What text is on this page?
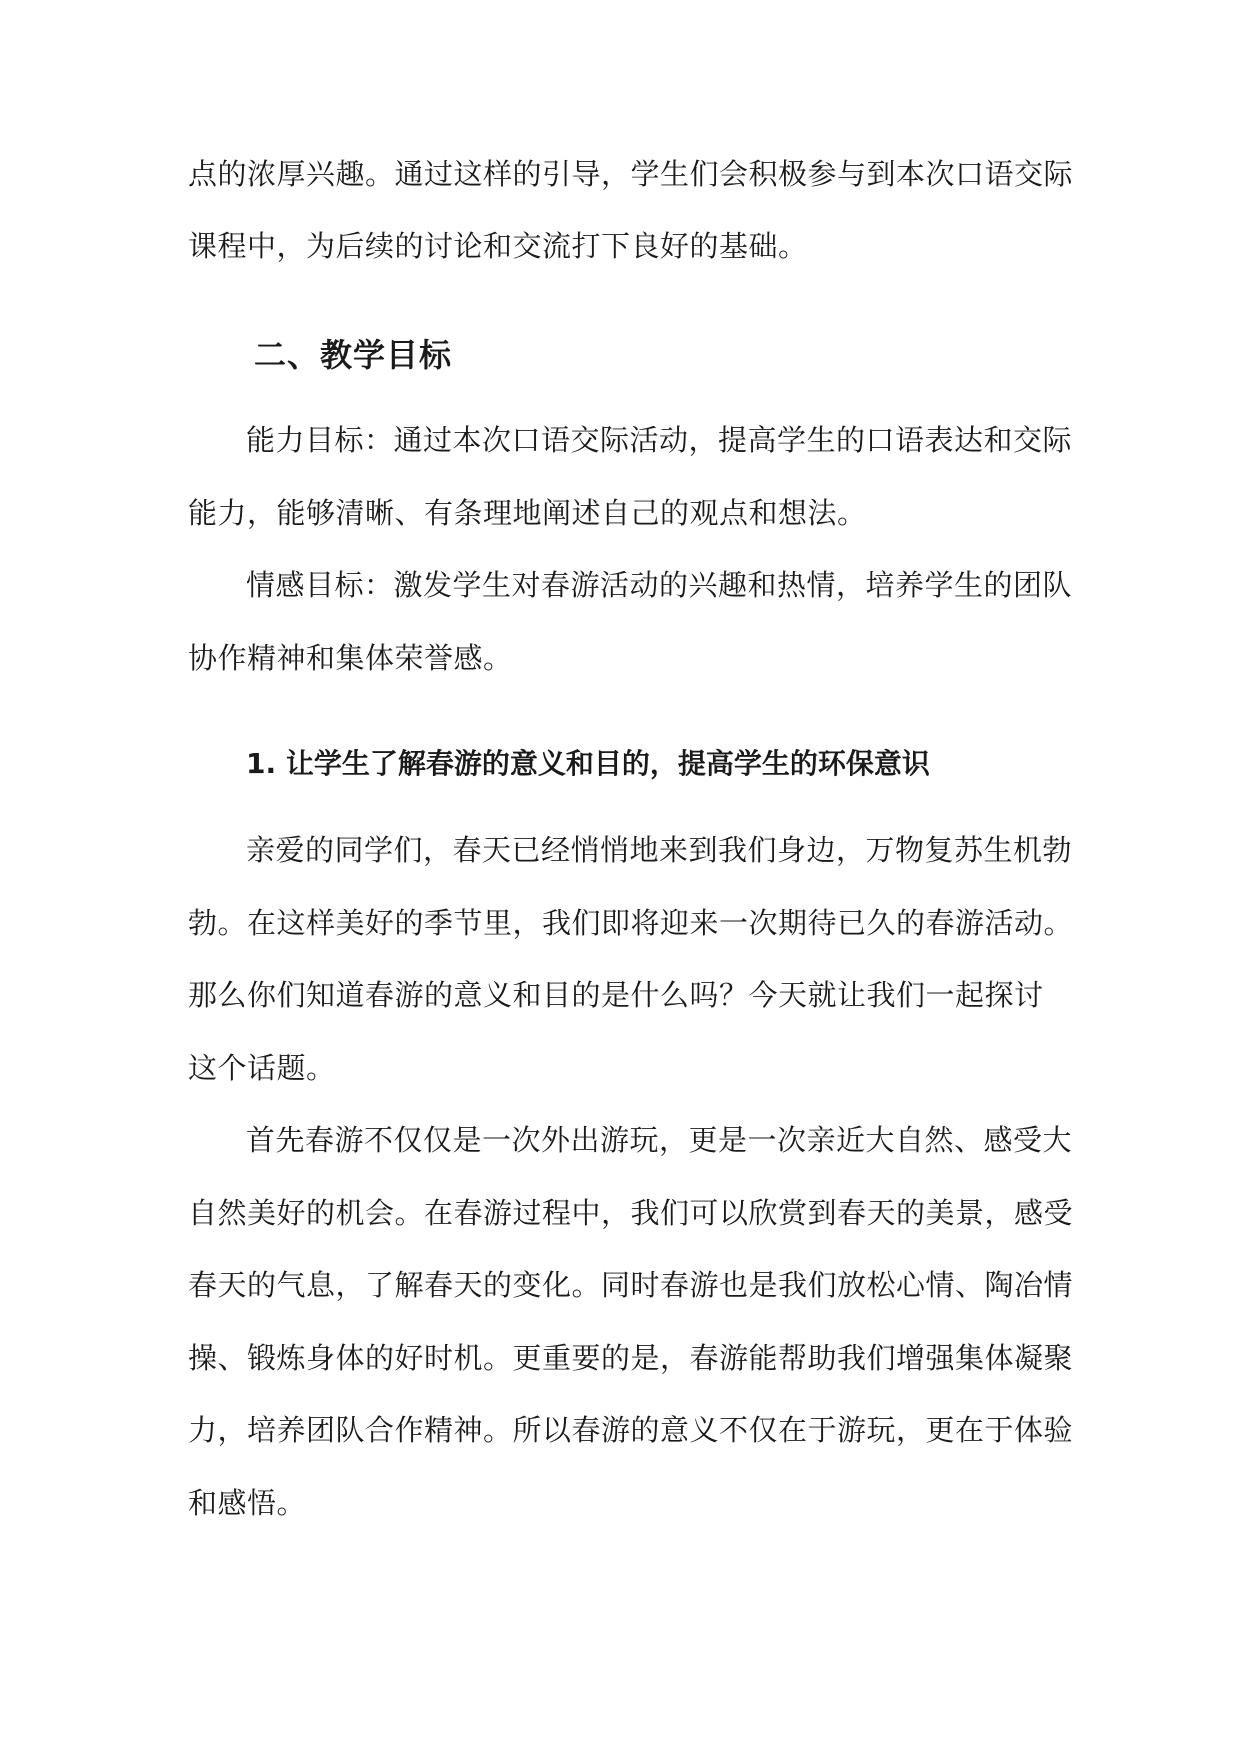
点的浓厚兴趣。通过这样的引导，学生们会积极参与到本次口语交际
课程中，为后续的讨论和交流打下良好的基础。
二、教学目标
能力目标：通过本次口语交际活动，提高学生的口语表达和交际
能力，能够清晰、有条理地阐述自己的观点和想法。
情感目标：激发学生对春游活动的兴趣和热情，培养学生的团队
协作精神和集体荣誉感。
1. 让学生了解春游的意义和目的，提高学生的环保意识
亲爱的同学们，春天已经悄悄地来到我们身边，万物复苏生机勃
勃。在这样美好的季节里，我们即将迎来一次期待已久的春游活动。
那么你们知道春游的意义和目的是什么吗？今天就让我们一起探讨
这个话题。
首先春游不仅仅是一次外出游玩，更是一次亲近大自然、感受大
自然美好的机会。在春游过程中，我们可以欣赏到春天的美景，感受
春天的气息，了解春天的变化。同时春游也是我们放松心情、陶冶情
操、锻炼身体的好时机。更重要的是，春游能帮助我们增强集体凝聚
力，培养团队合作精神。所以春游的意义不仅在于游玩，更在于体验
和感悟。
